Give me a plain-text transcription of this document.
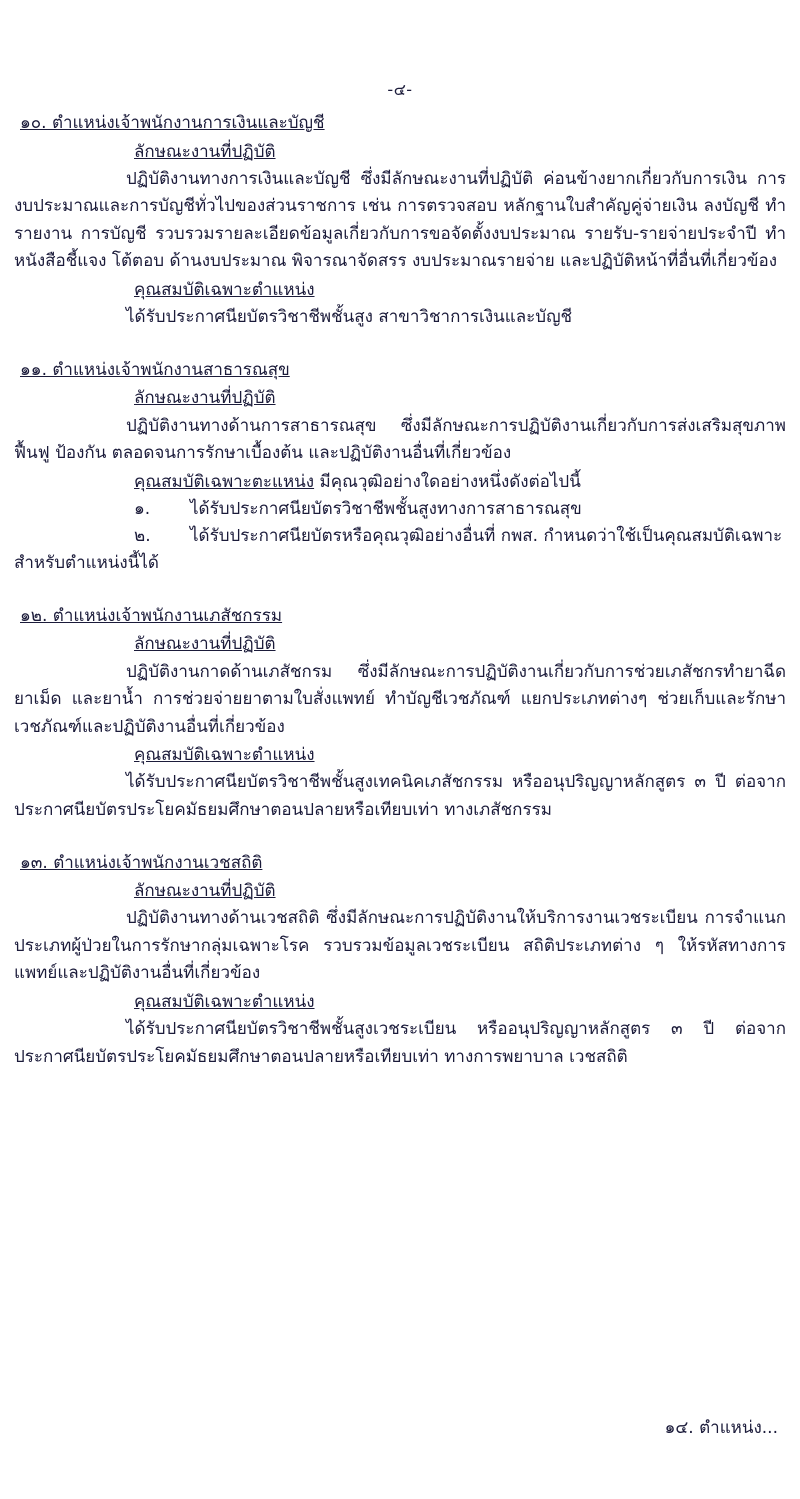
-๔-
๑๐. ตำแหน่งเจ้าพนักงานการเงินและบัญชี
ลักษณะงานที่ปฏิบัติ

ปฏิบัติงานทางการเงินและบัญชี ซึ่งมีลักษณะงานที่ปฏิบัติ ค่อนข้างยากเกี่ยวกับการเงิน การงบประมาณและการบัญชีทั่วไปของส่วนราชการ เช่น การตรวจสอบ หลักฐานใบสำคัญคู่จ่ายเงิน ลงบัญชี ทำรายงาน การบัญชี รวบรวมรายละเอียดข้อมูลเกี่ยวกับการขอจัดตั้งงบประมาณ รายรับ-รายจ่ายประจำปี ทำหนังสือชี้แจง โต้ตอบ ด้านงบประมาณ พิจารณาจัดสรร งบประมาณรายจ่าย และปฏิบัติหน้าที่อื่นที่เกี่ยวข้อง

คุณสมบัติเฉพาะตำแหน่ง

ได้รับประกาศนียบัตรวิชาชีพชั้นสูง สาขาวิชาการเงินและบัญชี

๑๑. ตำแหน่งเจ้าพนักงานสาธารณสุข
ลักษณะงานที่ปฏิบัติ

ปฏิบัติงานทางด้านการสาธารณสุข ซึ่งมีลักษณะการปฏิบัติงานเกี่ยวกับการส่งเสริมสุขภาพ ฟื้นฟู ป้องกัน ตลอดจนการรักษาเบื้องต้น และปฏิบัติงานอื่นที่เกี่ยวข้อง

คุณสมบัติเฉพาะตะแหน่ง มีคุณวุฒิอย่างใดอย่างหนึ่งดังต่อไปนี้
๑. ได้รับประกาศนียบัตรวิชาชีพชั้นสูงทางการสาธารณสุข
๒. ได้รับประกาศนียบัตรหรือคุณวุฒิอย่างอื่นที่ กพส. กำหนดว่าใช้เป็นคุณสมบัติเฉพาะ
สำหรับตำแหน่งนี้ได้
๑๒. ตำแหน่งเจ้าพนักงานเภสัชกรรม
ลักษณะงานที่ปฏิบัติ

ปฏิบัติงานกาดด้านเภสัชกรม ซึ่งมีลักษณะการปฏิบัติงานเกี่ยวกับการช่วยเภสัชกรทำยาฉีด ยาเม็ด และยาน้ำ การช่วยจ่ายยาตามใบสั่งแพทย์ ทำบัญชีเวชภัณฑ์ แยกประเภทต่างๆ ช่วยเก็บและรักษาเวชภัณฑ์และปฏิบัติงานอื่นที่เกี่ยวข้อง

คุณสมบัติเฉพาะตำแหน่ง

ได้รับประกาศนียบัตรวิชาชีพชั้นสูงเทคนิคเภสัชกรรม หรืออนุปริญญาหลักสูตร ๓ ปี ต่อจากประกาศนียบัตรประโยคมัธยมศึกษาตอนปลายหรือเทียบเท่า ทางเภสัชกรรม

๑๓. ตำแหน่งเจ้าพนักงานเวชสถิติ
ลักษณะงานที่ปฏิบัติ

ปฏิบัติงานทางด้านเวชสถิติ ซึ่งมีลักษณะการปฏิบัติงานให้บริการงานเวชระเบียน การจำแนกประเภทผู้ป่วยในการรักษากลุ่มเฉพาะโรค รวบรวมข้อมูลเวชระเบียน สถิติประเภทต่าง ๆ ให้รหัสทางการแพทย์และปฏิบัติงานอื่นที่เกี่ยวข้อง

คุณสมบัติเฉพาะตำแหน่ง

ได้รับประกาศนียบัตรวิชาชีพชั้นสูงเวชระเบียน หรืออนุปริญญาหลักสูตร ๓ ปี ต่อจากประกาศนียบัตรประโยคมัธยมศึกษาตอนปลายหรือเทียบเท่า ทางการพยาบาล เวชสถิติ

๑๔. ตำแหน่ง...
